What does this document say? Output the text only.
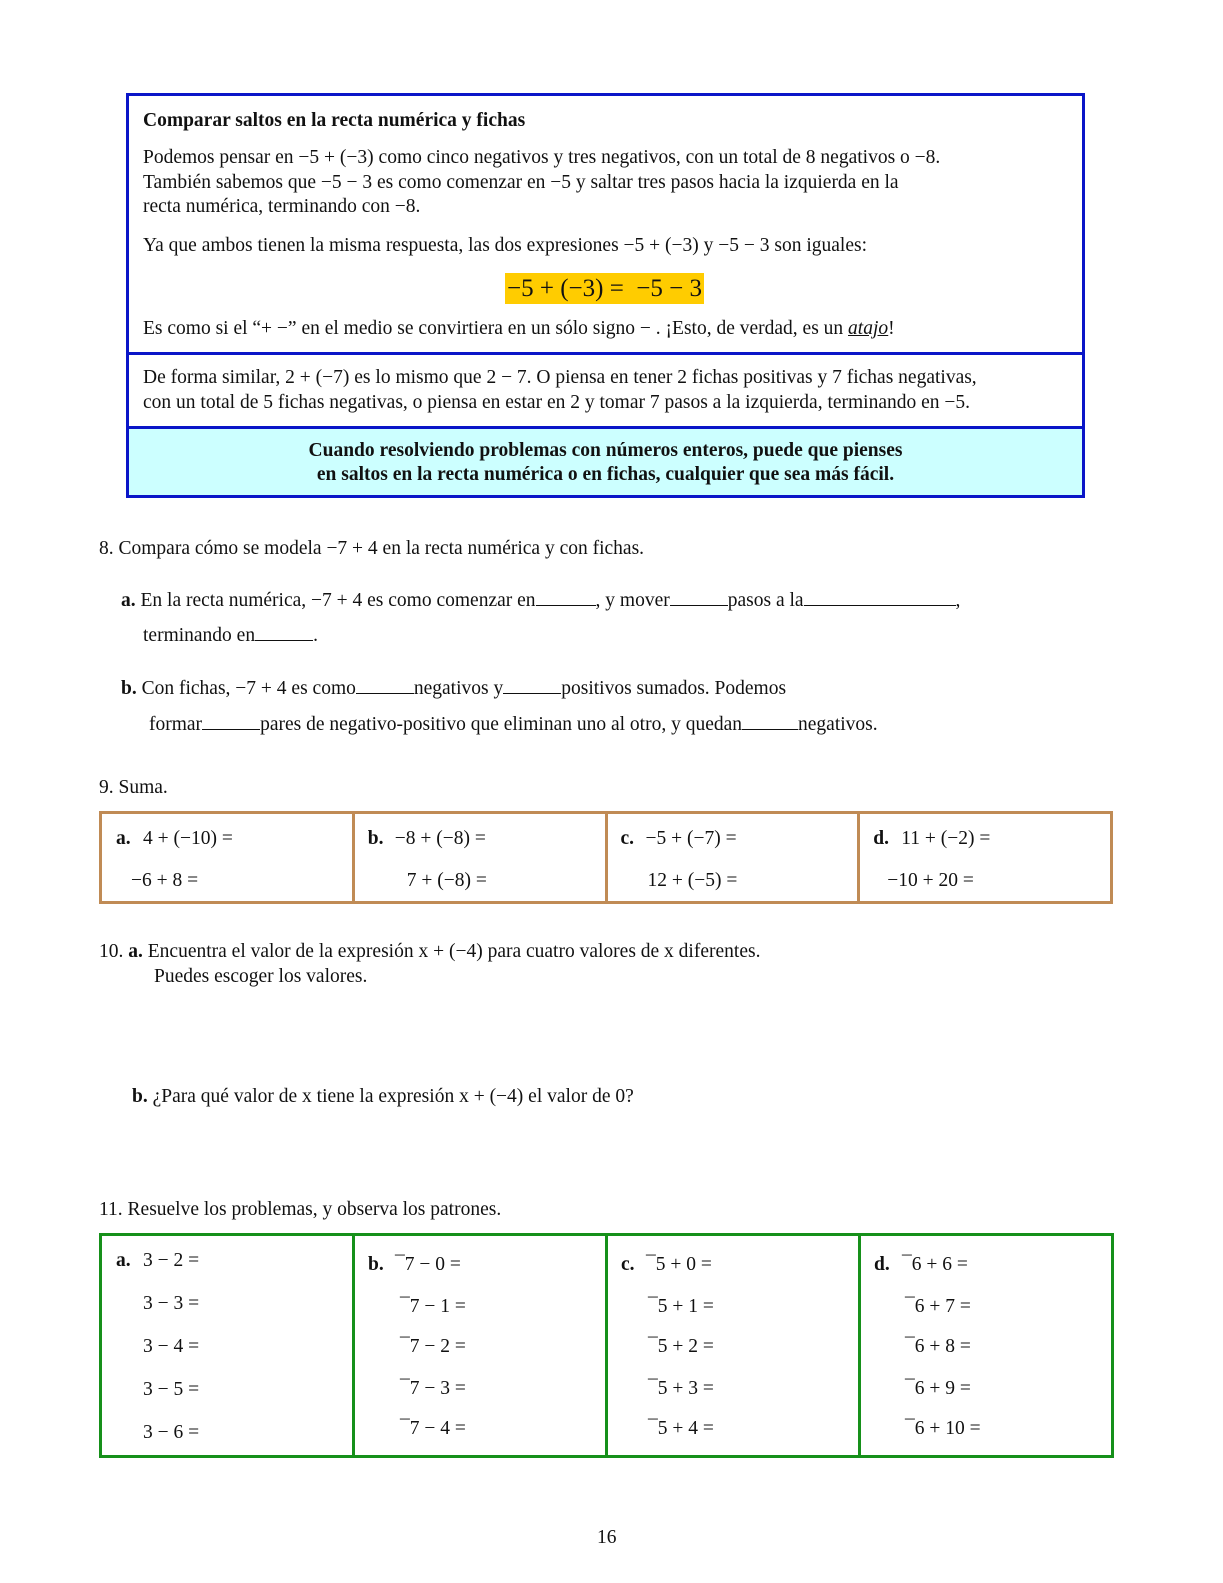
Comparar saltos en la recta numérica y fichas
Podemos pensar en −5 + (−3) como cinco negativos y tres negativos, con un total de 8 negativos o −8.
También sabemos que −5 − 3 es como comenzar en −5 y saltar tres pasos hacia la izquierda en la
recta numérica, terminando con −8.
Ya que ambos tienen la misma respuesta, las dos expresiones −5 + (−3) y −5 − 3 son iguales:
−5 + (−3) =  −5 − 3
Es como si el “+ −” en el medio se convirtiera en un sólo signo − . ¡Esto, de verdad, es un atajo!
De forma similar, 2 + (−7) es lo mismo que 2 − 7. O piensa en tener 2 fichas positivas y 7 fichas negativas,
con un total de 5 fichas negativas, o piensa en estar en 2 y tomar 7 pasos a la izquierda, terminando en −5.
Cuando resolviendo problemas con números enteros, puede que pienses
en saltos en la recta numérica o en fichas, cualquier que sea más fácil.
8. Compara cómo se modela −7 + 4 en la recta numérica y con fichas.
a. En la recta numérica, −7 + 4 es como comenzar en	, y mover	pasos a la	,
terminando en	.
b. Con fichas, −7 + 4 es como	negativos y	positivos sumados. Podemos
formar	pares de negativo-positivo que eliminan uno al otro, y quedan	negativos.
9. Suma.
a. 4 + (−10) =
−6 + 8 =
b. −8 + (−8) =
7 + (−8) =
c. −5 + (−7) =
12 + (−5) =
d. 11 + (−2) =
−10 + 20 =
10. a. Encuentra el valor de la expresión x + (−4) para cuatro valores de x diferentes.
Puedes escoger los valores.
b. ¿Para qué valor de x tiene la expresión x + (−4) el valor de 0?
11. Resuelve los problemas, y observa los patrones.
a. 3 − 2 =
3 − 3 =
3 − 4 =
3 − 5 =
3 − 6 =
b. ¯7 − 0 =
¯7 − 1 =
¯7 − 2 =
¯7 − 3 =
¯7 − 4 =
c. ¯5 + 0 =
¯5 + 1 =
¯5 + 2 =
¯5 + 3 =
¯5 + 4 =
d. ¯6 + 6 =
¯6 + 7 =
¯6 + 8 =
¯6 + 9 =
¯6 + 10 =
16
